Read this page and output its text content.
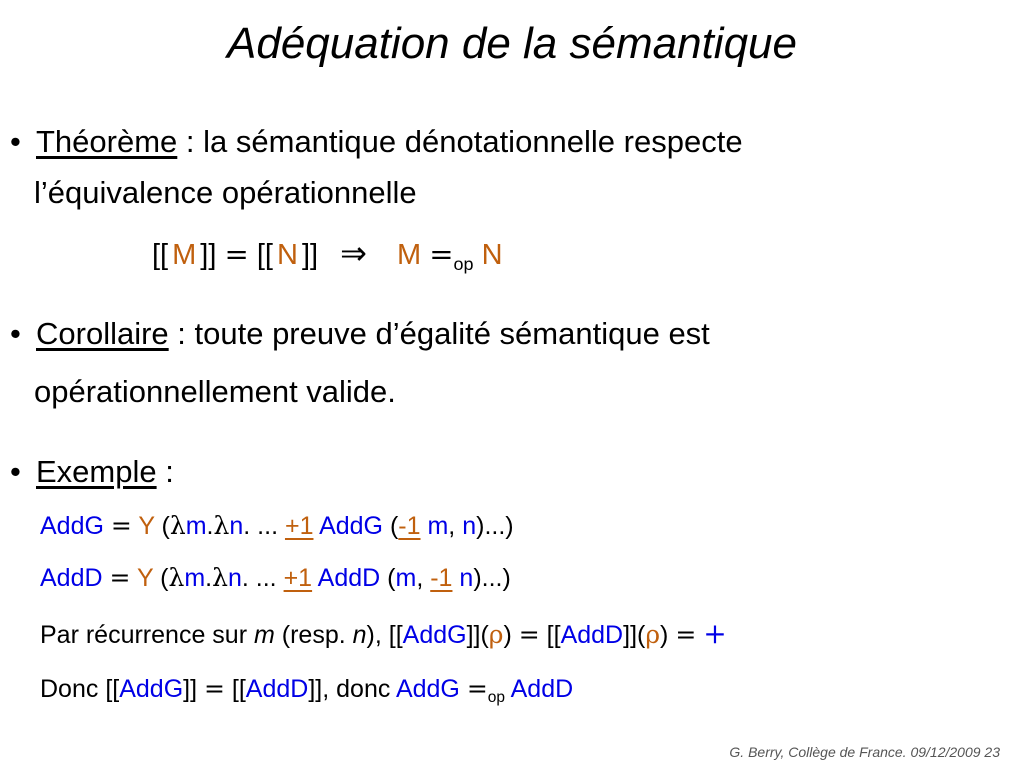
Adéquation de la sémantique
• Théorème : la sémantique dénotationnelle respecte
l’équivalence opérationnelle
[[ M ]] = [[ N ]] ⇒ $M =_{op}$ N
• Corollaire : toute preuve d’égalité sémantique est
opérationnellement valide.
• Exemple :
AddG = Y (λm.λn. ... +1 AddG (-1 m, n)...)
AddD = Y (λm.λn. ... +1 AddD (m, -1 n)...)
Par récurrence sur m (resp. n), [[AddG]](ρ) = [[AddD]](ρ) = +
Donc [[AddG]] = [[AddD]], donc AddG $=_{op}$ AddD
G. Berry, Collège de France. 09/12/2009 23
